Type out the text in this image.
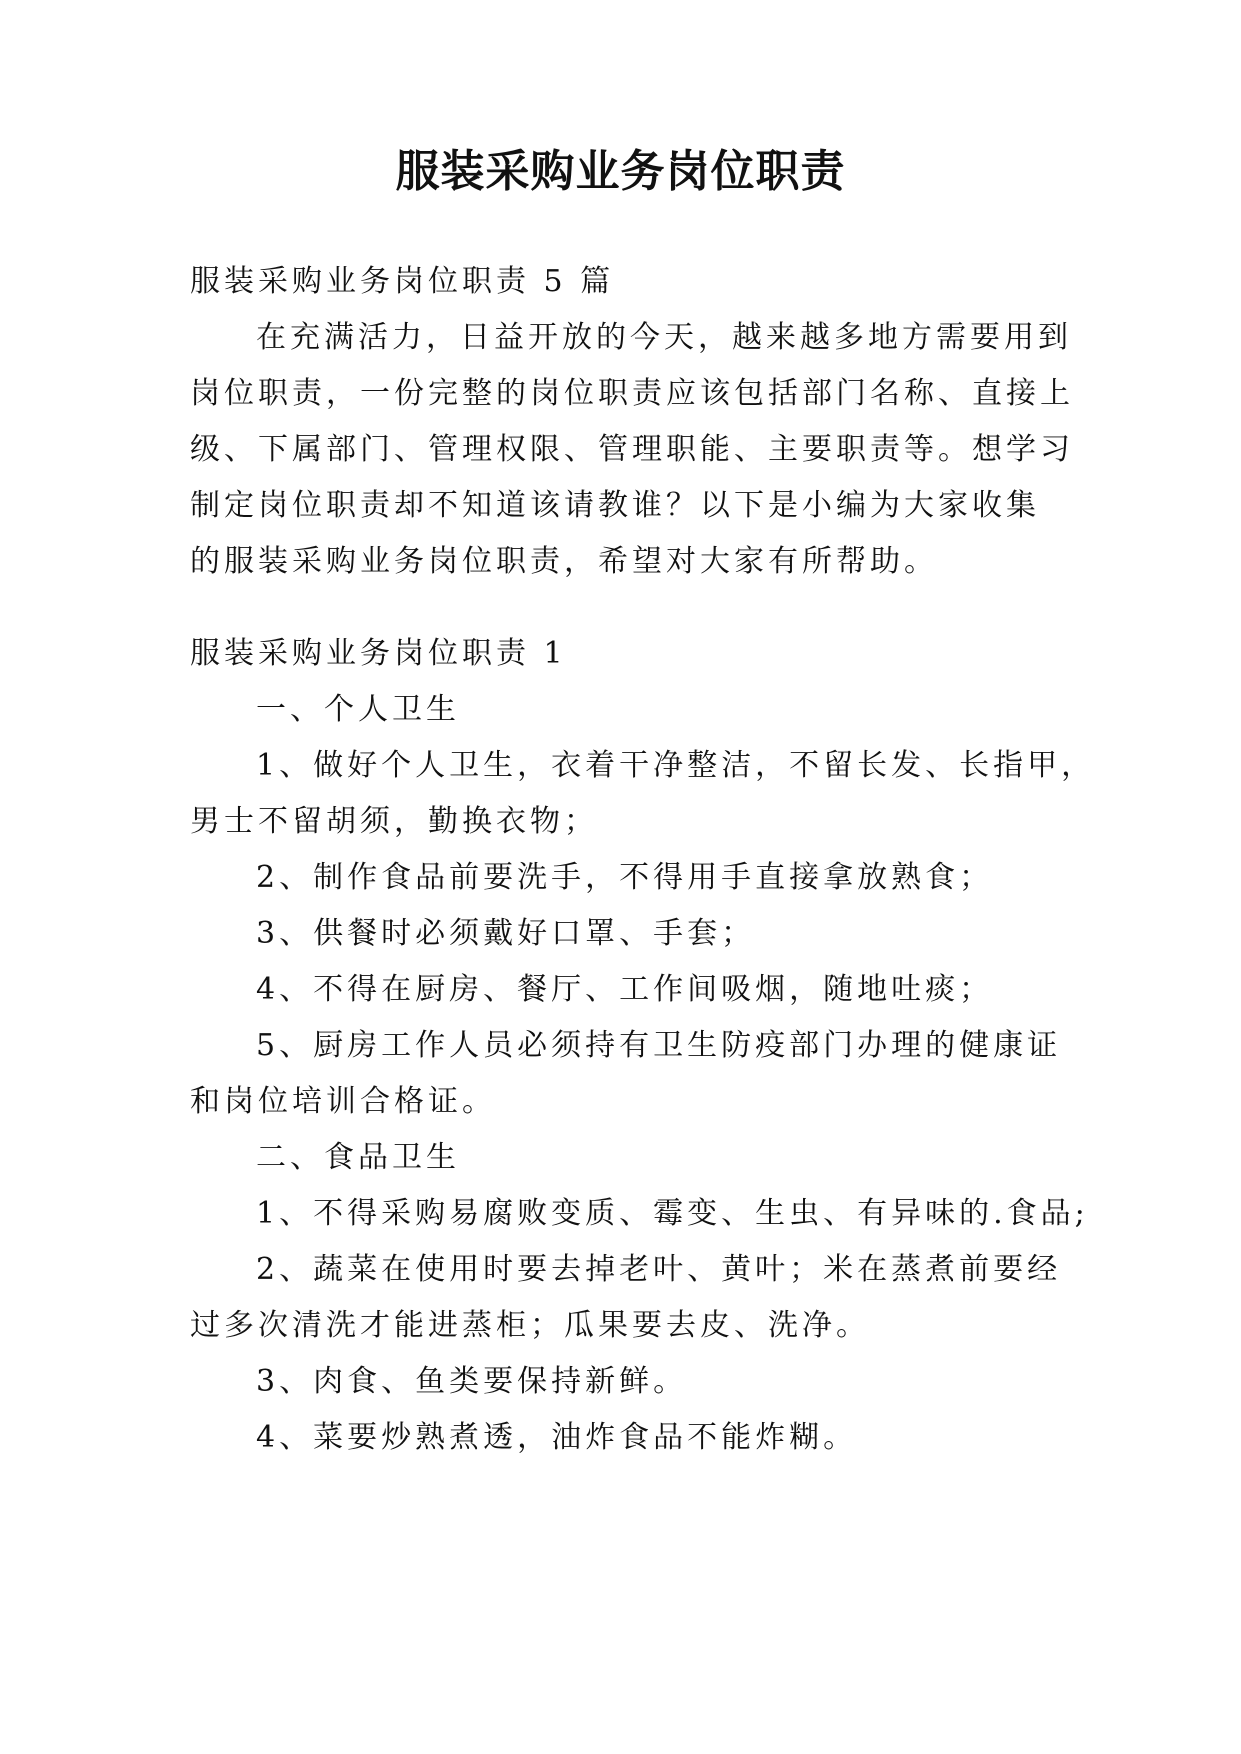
服装采购业务岗位职责
服装采购业务岗位职责 5 篇
在充满活力，日益开放的今天，越来越多地方需要用到
岗位职责，一份完整的岗位职责应该包括部门名称、直接上
级、下属部门、管理权限、管理职能、主要职责等。想学习
制定岗位职责却不知道该请教谁？以下是小编为大家收集
的服装采购业务岗位职责，希望对大家有所帮助。
服装采购业务岗位职责 1
一、个人卫生
1、做好个人卫生，衣着干净整洁，不留长发、长指甲，
男士不留胡须，勤换衣物；
2、制作食品前要洗手，不得用手直接拿放熟食；
3、供餐时必须戴好口罩、手套；
4、不得在厨房、餐厅、工作间吸烟，随地吐痰；
5、厨房工作人员必须持有卫生防疫部门办理的健康证
和岗位培训合格证。
二、食品卫生
1、不得采购易腐败变质、霉变、生虫、有异味的.食品;
2、蔬菜在使用时要去掉老叶、黄叶；米在蒸煮前要经
过多次清洗才能进蒸柜；瓜果要去皮、洗净。
3、肉食、鱼类要保持新鲜。
4、菜要炒熟煮透，油炸食品不能炸糊。
